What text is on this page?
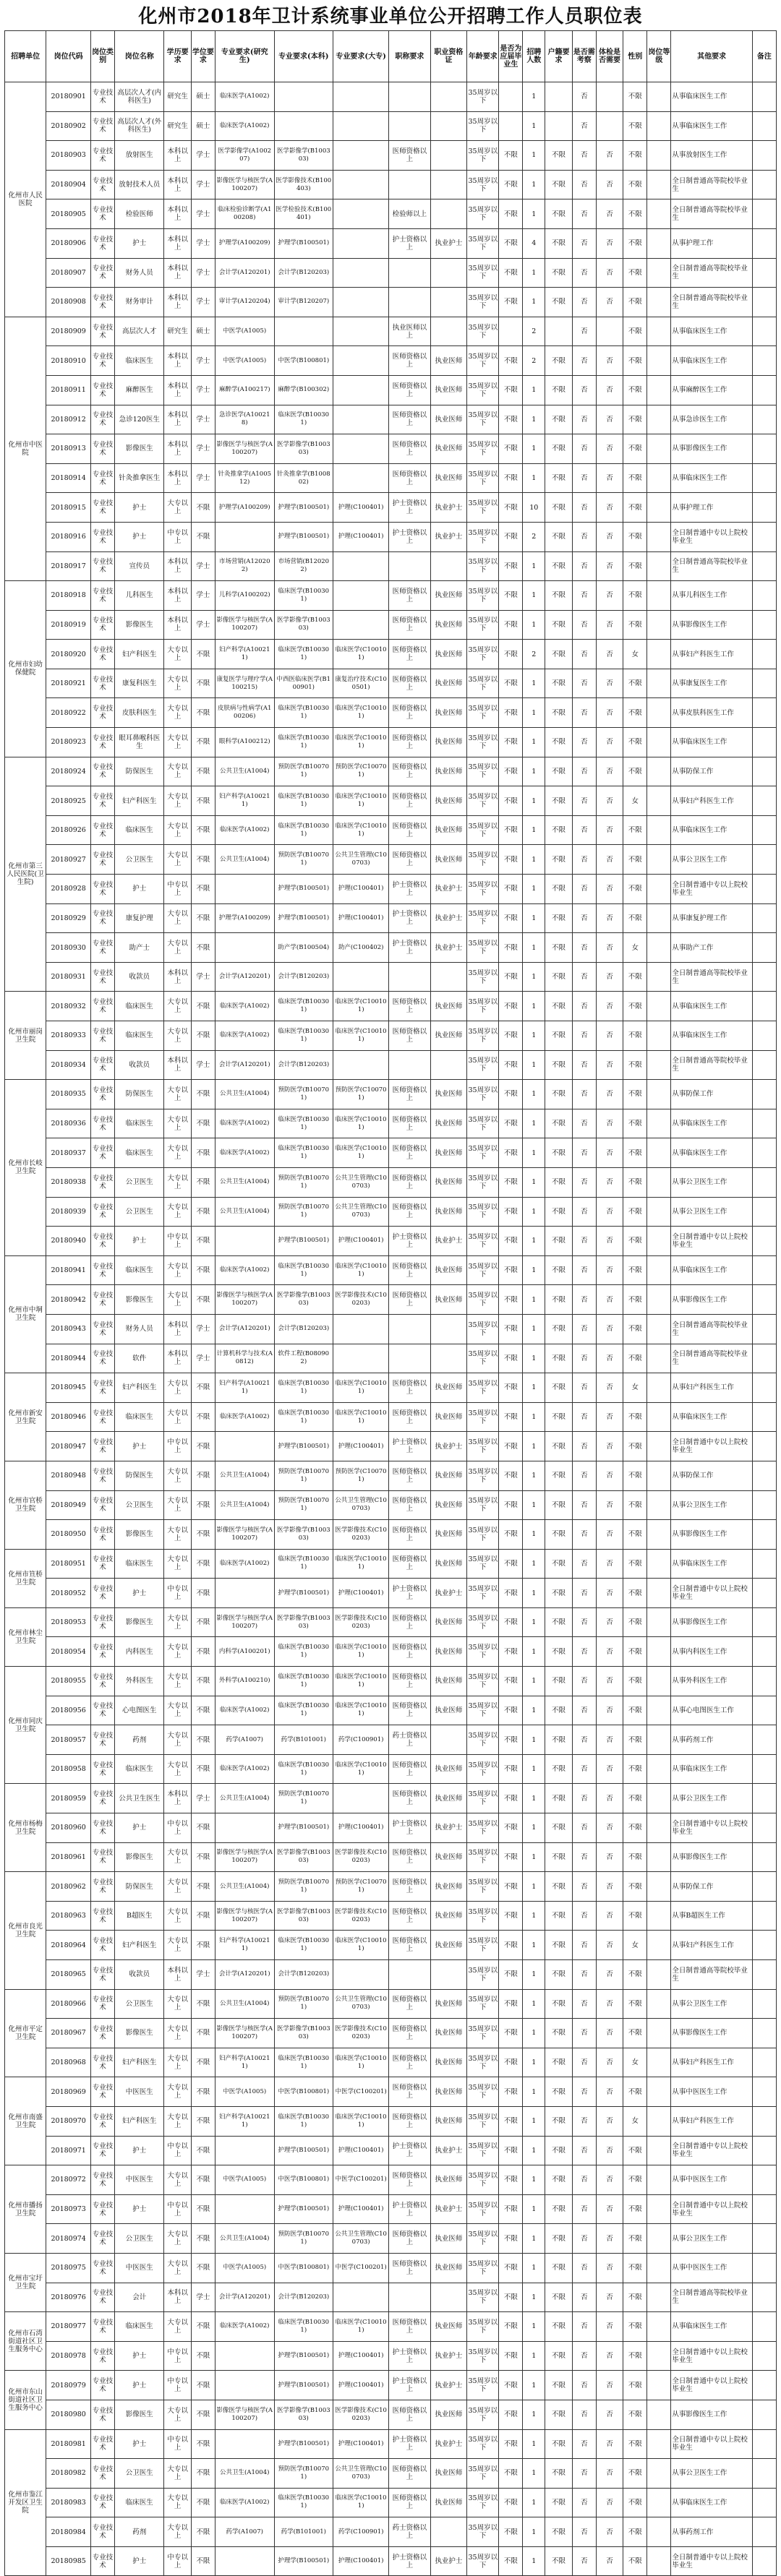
化州市2018年卫计系统事业单位公开招聘工作人员职位表
招聘单位	岗位代码	岗位类别	岗位名称	学历要求	学位要求	专业要求(研究生)	专业要求(本科)	专业要求(大专)	职称要求	职业资格证	年龄要求	是否为应届毕业生	招聘人数	户籍要求	是否需考察	体检是否需要	性别	岗位等级	其他要求	备注
化州市人民医院	20180901	专业技术	高层次人才(内科医生)	研究生	硕士	临床医学(A1002)					35周岁以下		1		否		不限		从事临床医生工作	
	20180902	专业技术	高层次人才(外科医生)	研究生	硕士	临床医学(A1002)					35周岁以下		1		否		不限		从事临床医生工作	
	20180903	专业技术	放射医生	本科以上	学士	医学影像学(A100207)	医学影像学(B100303)		医师资格以上		35周岁以下	不限	1	不限	否	否	不限		从事放射医生工作	
	20180904	专业技术	放射技术人员	本科以上	学士	影像医学与核医学(A100207)	医学影像技术(B100403)				35周岁以下	不限	1	不限	否	否	不限		全日制普通高等院校毕业生	
	20180905	专业技术	检验医师	本科以上	学士	临床检验诊断学(A100208)	医学检验技术(B100401)		检验师以上		35周岁以下	不限	1	不限	否	否	不限		全日制普通高等院校毕业生	
	20180906	专业技术	护士	本科以上	学士	护理学(A100209)	护理学(B100501)		护士资格以上	执业护士	35周岁以下	不限	4	不限	否	否	不限		从事护理工作	
	20180907	专业技术	财务人员	本科以上	学士	会计学(A120201)	会计学(B120203)				35周岁以下	不限	1	不限	否	否	不限		全日制普通高等院校毕业生	
	20180908	专业技术	财务审计	本科以上	学士	审计学(A120204)	审计学(B120207)				35周岁以下	不限	1	不限	否	否	不限		全日制普通高等院校毕业生	
化州市中医院	20180909	专业技术	高层次人才	研究生	硕士	中医学(A1005)			执业医师以上		35周岁以下		2		否		不限		从事临床医生工作	
	20180910	专业技术	临床医生	本科以上	学士	中医学(A1005)	中医学(B100801)		医师资格以上	执业医师	35周岁以下	不限	2	不限	否	否	不限		从事临床医生工作	
	20180911	专业技术	麻醉医生	本科以上	学士	麻醉学(A100217)	麻醉学(B100302)		医师资格以上	执业医师	35周岁以下	不限	1	不限	否	否	不限		从事麻醉医生工作	
	20180912	专业技术	急诊120医生	本科以上	学士	急诊医学(A100218)	临床医学(B100301)		医师资格以上	执业医师	35周岁以下	不限	1	不限	否	否	不限		从事急诊医生工作	
	20180913	专业技术	影像医生	本科以上	学士	影像医学与核医学(A100207)	医学影像学(B100303)		医师资格以上	执业医师	35周岁以下	不限	1	不限	否	否	不限		从事影像医生工作	
	20180914	专业技术	针灸推拿医生	本科以上	学士	针灸推拿学(A100512)	针灸推拿学(B100802)		医师资格以上	执业医师	35周岁以下	不限	1	不限	否	否	不限		从事临床医生工作	
	20180915	专业技术	护士	大专以上	不限	护理学(A100209)	护理学(B100501)	护理(C100401)	护士资格以上	执业护士	35周岁以下	不限	10	不限	否	否	不限		从事护理工作	
	20180916	专业技术	护士	中专以上	不限		护理学(B100501)	护理(C100401)	护士资格以上	执业护士	35周岁以下	不限	2	不限	否	否	不限		全日制普通中专以上院校毕业生	
	20180917	专业技术	宣传员	本科以上	学士	市场营销(A120202)	市场营销(B120202)				35周岁以下	不限	1	不限	否	否	不限		全日制普通高等院校毕业生	
化州市妇幼保健院	20180918	专业技术	儿科医生	本科以上	学士	儿科学(A100202)	临床医学(B100301)		医师资格以上	执业医师	35周岁以下	不限	1	不限	否	否	不限		从事儿科医生工作	
	20180919	专业技术	影像医生	本科以上	学士	影像医学与核医学(A100207)	医学影像学(B100303)		医师资格以上	执业医师	35周岁以下	不限	1	不限	否	否	不限		从事影像医生工作	
	20180920	专业技术	妇产科医生	大专以上	不限	妇产科学(A100211)	临床医学(B100301)	临床医学(C100101)	医师资格以上	执业医师	35周岁以下	不限	2	不限	否	否	女		从事妇产科医生工作	
	20180921	专业技术	康复科医生	大专以上	不限	康复医学与理疗学(A100215)	中西医临床医学(B100901)	康复治疗技术(C100501)	医师资格以上	执业医师	35周岁以下	不限	1	不限	否	否	不限		从事康复医生工作	
	20180922	专业技术	皮肤科医生	大专以上	不限	皮肤病与性病学(A100206)	临床医学(B100301)	临床医学(C100101)	医师资格以上	执业医师	35周岁以下	不限	1	不限	否	否	不限		从事皮肤科医生工作	
	20180923	专业技术	眼耳鼻喉科医生	大专以上	不限	眼科学(A100212)	临床医学(B100301)	临床医学(C100101)	医师资格以上	执业医师	35周岁以下	不限	1	不限	否	否	不限		从事临床医生工作	
化州市第三人民医院(卫生院)	20180924	专业技术	防保医生	大专以上	不限	公共卫生(A1004)	预防医学(B100701)	预防医学(C100701)	医师资格以上	执业医师	35周岁以下	不限	1	不限	否	否	不限		从事防保工作	
	20180925	专业技术	妇产科医生	大专以上	不限	妇产科学(A100211)	临床医学(B100301)	临床医学(C100101)	医师资格以上	执业医师	35周岁以下	不限	1	不限	否	否	女		从事妇产科医生工作	
	20180926	专业技术	临床医生	大专以上	不限	临床医学(A1002)	临床医学(B100301)	临床医学(C100101)	医师资格以上	执业医师	35周岁以下	不限	1	不限	否	否	不限		从事临床医生工作	
	20180927	专业技术	公卫医生	大专以上	不限	公共卫生(A1004)	预防医学(B100701)	公共卫生管理(C100703)	医师资格以上	执业医师	35周岁以下	不限	1	不限	否	否	不限		从事公卫医生工作	
	20180928	专业技术	护士	中专以上	不限		护理学(B100501)	护理(C100401)	护士资格以上	执业护士	35周岁以下	不限	1	不限	否	否	不限		全日制普通中专以上院校毕业生	
	20180929	专业技术	康复护理	大专以上	不限	护理学(A100209)	护理学(B100501)	护理(C100401)	护士资格以上	执业护士	35周岁以下	不限	1	不限	否	否	不限		从事康复护理工作	
	20180930	专业技术	助产士	大专以上	不限		助产学(B100504)	助产(C100402)	护士资格以上	执业护士	35周岁以下	不限	1	不限	否	否	女		从事助产工作	
	20180931	专业技术	收款员	本科以上	学士	会计学(A120201)	会计学(B120203)				35周岁以下	不限	1	不限	否	否	不限		全日制普通高等院校毕业生	
化州市丽岗卫生院	20180932	专业技术	临床医生	大专以上	不限	临床医学(A1002)	临床医学(B100301)	临床医学(C100101)	医师资格以上	执业医师	35周岁以下	不限	1	不限	否	否	不限		从事临床医生工作	
	20180933	专业技术	临床医生	大专以上	不限	临床医学(A1002)	临床医学(B100301)	临床医学(C100101)	医师资格以上	执业医师	35周岁以下	不限	1	不限	否	否	不限		从事临床医生工作	
	20180934	专业技术	收款员	本科以上	学士	会计学(A120201)	会计学(B120203)				35周岁以下	不限	1	不限	否	否	不限		全日制普通高等院校毕业生	
化州市长岐卫生院	20180935	专业技术	防保医生	大专以上	不限	公共卫生(A1004)	预防医学(B100701)	预防医学(C100701)	医师资格以上	执业医师	35周岁以下	不限	1	不限	否	否	不限		从事防保工作	
	20180936	专业技术	临床医生	大专以上	不限	临床医学(A1002)	临床医学(B100301)	临床医学(C100101)	医师资格以上	执业医师	35周岁以下	不限	1	不限	否	否	不限		从事临床医生工作	
	20180937	专业技术	临床医生	大专以上	不限	临床医学(A1002)	临床医学(B100301)	临床医学(C100101)	医师资格以上	执业医师	35周岁以下	不限	1	不限	否	否	不限		从事临床医生工作	
	20180938	专业技术	公卫医生	大专以上	不限	公共卫生(A1004)	预防医学(B100701)	公共卫生管理(C100703)	医师资格以上	执业医师	35周岁以下	不限	1	不限	否	否	不限		从事公卫医生工作	
	20180939	专业技术	公卫医生	大专以上	不限	公共卫生(A1004)	预防医学(B100701)	公共卫生管理(C100703)	医师资格以上	执业医师	35周岁以下	不限	1	不限	否	否	不限		从事公卫医生工作	
	20180940	专业技术	护士	中专以上	不限		护理学(B100501)	护理(C100401)	护士资格以上	执业护士	35周岁以下	不限	1	不限	否	否	不限		全日制普通中专以上院校毕业生	
化州市中垌卫生院	20180941	专业技术	临床医生	大专以上	不限	临床医学(A1002)	临床医学(B100301)	临床医学(C100101)	医师资格以上	执业医师	35周岁以下	不限	1	不限	否	否	不限		从事临床医生工作	
	20180942	专业技术	影像医生	大专以上	不限	影像医学与核医学(A100207)	医学影像学(B100303)	医学影像技术(C100203)	医师资格以上	执业医师	35周岁以下	不限	1	不限	否	否	不限		从事影像医生工作	
	20180943	专业技术	财务人员	本科以上	学士	会计学(A120201)	会计学(B120203)				35周岁以下	不限	1	不限	否	否	不限		全日制普通高等院校毕业生	
	20180944	专业技术	软件	本科以上	学士	计算机科学与技术(A0812)	软件工程(B080902)				35周岁以下	不限	1	不限	否	否	不限		全日制普通高等院校毕业生	
化州市新安卫生院	20180945	专业技术	妇产科医生	大专以上	不限	妇产科学(A100211)	临床医学(B100301)	临床医学(C100101)	医师资格以上	执业医师	35周岁以下	不限	1	不限	否	否	女		从事妇产科医生工作	
	20180946	专业技术	临床医生	大专以上	不限	临床医学(A1002)	临床医学(B100301)	临床医学(C100101)	医师资格以上	执业医师	35周岁以下	不限	1	不限	否	否	不限		从事临床医生工作	
	20180947	专业技术	护士	中专以上	不限		护理学(B100501)	护理(C100401)	护士资格以上	执业护士	35周岁以下	不限	1	不限	否	否	不限		全日制普通中专以上院校毕业生	
化州市官桥卫生院	20180948	专业技术	防保医生	大专以上	不限	公共卫生(A1004)	预防医学(B100701)	预防医学(C100701)	医师资格以上	执业医师	35周岁以下	不限	1	不限	否	否	不限		从事防保工作	
	20180949	专业技术	公卫医生	大专以上	不限	公共卫生(A1004)	预防医学(B100701)	公共卫生管理(C100703)	医师资格以上	执业医师	35周岁以下	不限	1	不限	否	否	不限		从事公卫医生工作	
	20180950	专业技术	影像医生	大专以上	不限	影像医学与核医学(A100207)	医学影像学(B100303)	医学影像技术(C100203)	医师资格以上	执业医师	35周岁以下	不限	1	不限	否	否	不限		从事影像医生工作	
化州市笪桥卫生院	20180951	专业技术	临床医生	大专以上	不限	临床医学(A1002)	临床医学(B100301)	临床医学(C100101)	医师资格以上	执业医师	35周岁以下	不限	1	不限	否	否	不限		从事临床医生工作	
	20180952	专业技术	护士	中专以上	不限		护理学(B100501)	护理(C100401)	护士资格以上	执业护士	35周岁以下	不限	1	不限	否	否	不限		全日制普通中专以上院校毕业生	
化州市林尘卫生院	20180953	专业技术	影像医生	大专以上	不限	影像医学与核医学(A100207)	医学影像学(B100303)	医学影像技术(C100203)	医师资格以上	执业医师	35周岁以下	不限	1	不限	否	否	不限		从事影像医生工作	
	20180954	专业技术	内科医生	大专以上	不限	内科学(A100201)	临床医学(B100301)	临床医学(C100101)	医师资格以上	执业医师	35周岁以下	不限	1	不限	否	否	不限		从事内科医生工作	
化州市同庆卫生院	20180955	专业技术	外科医生	大专以上	不限	外科学(A100210)	临床医学(B100301)	临床医学(C100101)	医师资格以上	执业医师	35周岁以下	不限	1	不限	否	否	不限		从事外科医生工作	
	20180956	专业技术	心电图医生	大专以上	不限	临床医学(A1002)	临床医学(B100301)	临床医学(C100101)	医师资格以上	执业医师	35周岁以下	不限	1	不限	否	否	不限		从事心电图医生工作	
	20180957	专业技术	药剂	大专以上	不限	药学(A1007)	药学(B101001)	药学(C100901)	药士资格以上		35周岁以下	不限	1	不限	否	否	不限		从事药剂工作	
	20180958	专业技术	临床医生	大专以上	不限	临床医学(A1002)	临床医学(B100301)	临床医学(C100101)	医师资格以上	执业医师	35周岁以下	不限	1	不限	否	否	不限		从事临床医生工作	
化州市杨梅卫生院	20180959	专业技术	公共卫生医生	本科以上	学士	公共卫生(A1004)	预防医学(B100701)		医师资格以上	执业医师	35周岁以下	不限	1	不限	否	否	不限		从事公卫医生工作	
	20180960	专业技术	护士	中专以上	不限		护理学(B100501)	护理(C100401)	护士资格以上	执业护士	35周岁以下	不限	1	不限	否	否	不限		全日制普通中专以上院校毕业生	
	20180961	专业技术	影像医生	大专以上	不限	影像医学与核医学(A100207)	医学影像学(B100303)	医学影像技术(C100203)	医师资格以上	执业医师	35周岁以下	不限	1	不限	否	否	不限		从事影像医生工作	
化州市良光卫生院	20180962	专业技术	防保医生	大专以上	不限	公共卫生(A1004)	预防医学(B100701)	预防医学(C100701)	医师资格以上	执业医师	35周岁以下	不限	1	不限	否	否	不限		从事防保工作	
	20180963	专业技术	B超医生	大专以上	不限	影像医学与核医学(A100207)	医学影像学(B100303)	医学影像技术(C100203)	医师资格以上	执业医师	35周岁以下	不限	1	不限	否	否	不限		从事B超医生工作	
	20180964	专业技术	妇产科医生	大专以上	不限	妇产科学(A100211)	临床医学(B100301)	临床医学(C100101)	医师资格以上	执业医师	35周岁以下	不限	1	不限	否	否	女		从事妇产科医生工作	
	20180965	专业技术	收款员	本科以上	学士	会计学(A120201)	会计学(B120203)				35周岁以下	不限	1	不限	否	否	不限		全日制普通高等院校毕业生	
化州市平定卫生院	20180966	专业技术	公卫医生	大专以上	不限	公共卫生(A1004)	预防医学(B100701)	公共卫生管理(C100703)	医师资格以上	执业医师	35周岁以下	不限	1	不限	否	否	不限		从事公卫医生工作	
	20180967	专业技术	影像医生	大专以上	不限	影像医学与核医学(A100207)	医学影像学(B100303)	医学影像技术(C100203)	医师资格以上	执业医师	35周岁以下	不限	1	不限	否	否	不限		从事影像医生工作	
	20180968	专业技术	妇产科医生	大专以上	不限	妇产科学(A100211)	临床医学(B100301)	临床医学(C100101)	医师资格以上	执业医师	35周岁以下	不限	1	不限	否	否	女		从事妇产科医生工作	
化州市南盛卫生院	20180969	专业技术	中医医生	大专以上	不限	中医学(A1005)	中医学(B100801)	中医学(C100201)	医师资格以上	执业医师	35周岁以下	不限	1	不限	否	否	不限		从事中医医生工作	
	20180970	专业技术	妇产科医生	大专以上	不限	妇产科学(A100211)	临床医学(B100301)	临床医学(C100101)	医师资格以上	执业医师	35周岁以下	不限	1	不限	否	否	女		从事妇产科医生工作	
	20180971	专业技术	护士	中专以上	不限		护理学(B100501)	护理(C100401)	护士资格以上	执业护士	35周岁以下	不限	1	不限	否	否	不限		全日制普通中专以上院校毕业生	
化州市播扬卫生院	20180972	专业技术	中医医生	大专以上	不限	中医学(A1005)	中医学(B100801)	中医学(C100201)	医师资格以上	执业医师	35周岁以下	不限	1	不限	否	否	不限		从事中医医生工作	
	20180973	专业技术	护士	中专以上	不限		护理学(B100501)	护理(C100401)	护士资格以上	执业护士	35周岁以下	不限	1	不限	否	否	不限		全日制普通中专以上院校毕业生	
	20180974	专业技术	公卫医生	大专以上	不限	公共卫生(A1004)	预防医学(B100701)	公共卫生管理(C100703)	医师资格以上	执业医师	35周岁以下	不限	1	不限	否	否	不限		从事公卫医生工作	
化州市宝圩卫生院	20180975	专业技术	中医医生	大专以上	不限	中医学(A1005)	中医学(B100801)	中医学(C100201)	医师资格以上	执业医师	35周岁以下	不限	1	不限	否	否	不限		从事中医医生工作	
	20180976	专业技术	会计	本科以上	学士	会计学(A120201)	会计学(B120203)				35周岁以下	不限	1	不限	否	否	不限		全日制普通高等院校毕业生	
化州市石湾街道社区卫生服务中心	20180977	专业技术	临床医生	大专以上	不限	临床医学(A1002)	临床医学(B100301)	临床医学(C100101)	医师资格以上	执业医师	35周岁以下	不限	1	不限	否	否	不限		从事临床医生工作	
	20180978	专业技术	护士	中专以上	不限		护理学(B100501)	护理(C100401)	护士资格以上	执业护士	35周岁以下	不限	1	不限	否	否	不限		全日制普通中专以上院校毕业生	
化州市东山街道社区卫生服务中心	20180979	专业技术	护士	中专以上	不限		护理学(B100501)	护理(C100401)	护士资格以上	执业护士	35周岁以下	不限	1	不限	否	否	不限		全日制普通中专以上院校毕业生	
	20180980	专业技术	影像医生	大专以上	不限	影像医学与核医学(A100207)	医学影像学(B100303)	医学影像技术(C100203)	医师资格以上	执业医师	35周岁以下	不限	1	不限	否	否	不限		从事影像医生工作	
化州市鉴江开发区卫生院	20180981	专业技术	护士	中专以上	不限		护理学(B100501)	护理(C100401)	护士资格以上	执业护士	35周岁以下	不限	1	不限	否	否	不限		全日制普通中专以上院校毕业生	
	20180982	专业技术	公卫医生	大专以上	不限	公共卫生(A1004)	预防医学(B100701)	公共卫生管理(C100703)	医师资格以上	执业医师	35周岁以下	不限	1	不限	否	否	不限		从事公卫医生工作	
	20180983	专业技术	临床医生	大专以上	不限	临床医学(A1002)	临床医学(B100301)	临床医学(C100101)	医师资格以上	执业医师	35周岁以下	不限	1	不限	否	否	不限		从事临床医生工作	
	20180984	专业技术	药剂	大专以上	不限	药学(A1007)	药学(B101001)	药学(C100901)	药士资格以上		35周岁以下	不限	1	不限	否	否	不限		从事药剂工作	
	20180985	专业技术	护士	中专以上	不限		护理学(B100501)	护理(C100401)	护士资格以上	执业护士	35周岁以下	不限	1	不限	否	否	不限		全日制普通中专以上院校毕业生	
